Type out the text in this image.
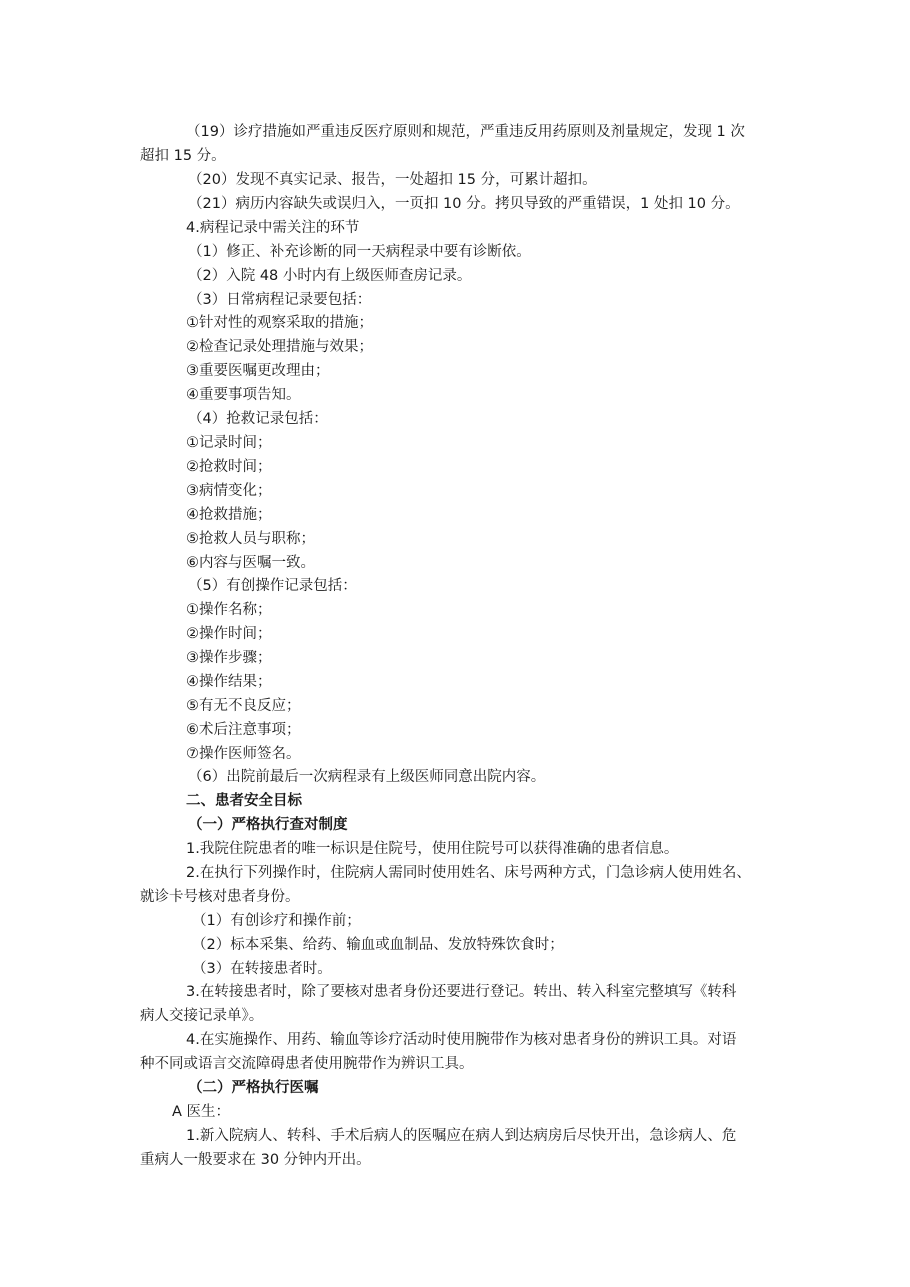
（19）诊疗措施如严重违反医疗原则和规范，严重违反用药原则及剂量规定，发现 1 次
超扣 15 分。
（20）发现不真实记录、报告，一处超扣 15 分，可累计超扣。
（21）病历内容缺失或误归入，一页扣 10 分。拷贝导致的严重错误，1 处扣 10 分。
4.病程记录中需关注的环节
（1）修正、补充诊断的同一天病程录中要有诊断依。
（2）入院 48 小时内有上级医师查房记录。
（3）日常病程记录要包括：
①针对性的观察采取的措施；
②检查记录处理措施与效果；
③重要医嘱更改理由；
④重要事项告知。
（4）抢救记录包括：
①记录时间；
②抢救时间；
③病情变化；
④抢救措施；
⑤抢救人员与职称；
⑥内容与医嘱一致。
（5）有创操作记录包括：
①操作名称；
②操作时间；
③操作步骤；
④操作结果；
⑤有无不良反应；
⑥术后注意事项；
⑦操作医师签名。
（6）出院前最后一次病程录有上级医师同意出院内容。
二、患者安全目标
（一）严格执行查对制度
1.我院住院患者的唯一标识是住院号，使用住院号可以获得准确的患者信息。
2.在执行下列操作时，住院病人需同时使用姓名、床号两种方式，门急诊病人使用姓名、
就诊卡号核对患者身份。
（1）有创诊疗和操作前；
（2）标本采集、给药、输血或血制品、发放特殊饮食时；
（3）在转接患者时。
3.在转接患者时，除了要核对患者身份还要进行登记。转出、转入科室完整填写《转科
病人交接记录单》。
4.在实施操作、用药、输血等诊疗活动时使用腕带作为核对患者身份的辨识工具。对语
种不同或语言交流障碍患者使用腕带作为辨识工具。
（二）严格执行医嘱
A 医生：
1.新入院病人、转科、手术后病人的医嘱应在病人到达病房后尽快开出，急诊病人、危
重病人一般要求在 30 分钟内开出。
